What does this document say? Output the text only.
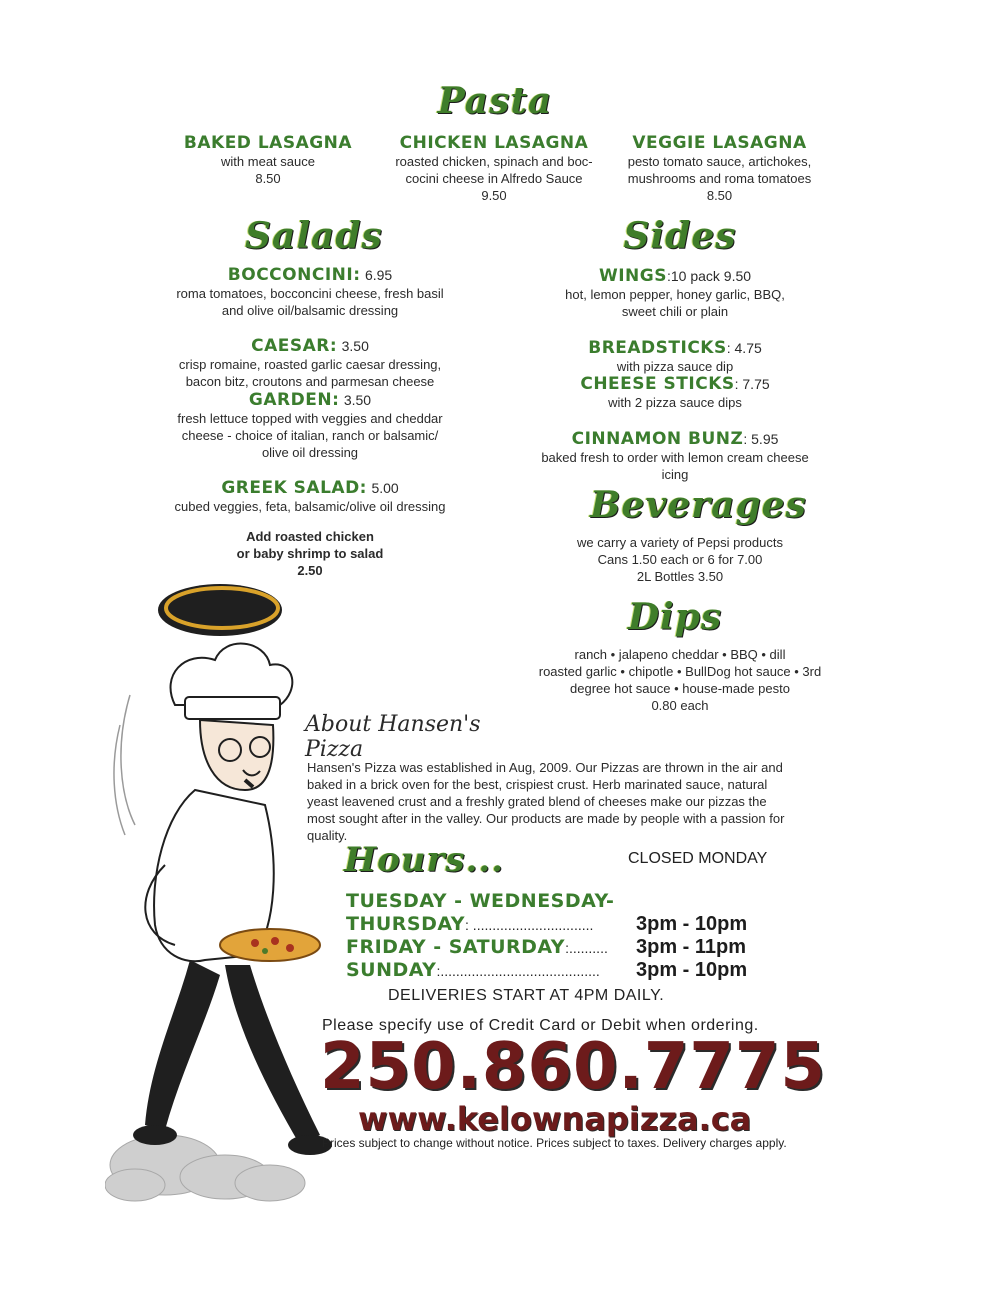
Pasta
BAKED LASAGNA
with meat sauce
8.50
CHICKEN LASAGNA
roasted chicken, spinach and boc-
cocini cheese in Alfredo Sauce
9.50
VEGGIE LASAGNA
pesto tomato sauce, artichokes,
mushrooms and roma tomatoes
8.50
Salads
BOCCONCINI: 6.95
roma tomatoes, bocconcini cheese, fresh basil
and olive oil/balsamic dressing
CAESAR: 3.50
crisp romaine, roasted garlic caesar dressing,
bacon bitz, croutons and parmesan cheese
GARDEN: 3.50
fresh lettuce topped with veggies and cheddar
cheese - choice of italian, ranch or balsamic/
olive oil dressing
GREEK SALAD: 5.00
cubed veggies, feta, balsamic/olive oil dressing
Add roasted chicken
or baby shrimp to salad
2.50
Sides
WINGS:10 pack 9.50
hot, lemon pepper, honey garlic, BBQ,
sweet chili or plain
BREADSTICKS: 4.75
with pizza sauce dip
CHEESE STICKS: 7.75
with 2 pizza sauce dips
CINNAMON BUNZ: 5.95
baked fresh to order with lemon cream cheese
icing
Beverages
we carry a variety of Pepsi products
Cans 1.50 each or 6 for 7.00
2L Bottles 3.50
Dips
ranch • jalapeno cheddar • BBQ • dill
roasted garlic • chipotle • BullDog hot sauce • 3rd
degree hot sauce • house-made pesto
0.80 each
About Hansen's Pizza
Hansen's Pizza was established in Aug, 2009. Our Pizzas are thrown in the air and
baked in a brick oven for the best, crispiest crust. Herb marinated sauce, natural
yeast leavened crust and a freshly grated blend of cheeses make our pizzas the
most sought after in the valley. Our products are made by people with a passion for
quality.
Hours...	CLOSED MONDAY
TUESDAY - WEDNESDAY-
THURSDAY: ............................... 3pm - 10pm
FRIDAY - SATURDAY:.......... 3pm - 11pm
SUNDAY:......................................... 3pm - 10pm
DELIVERIES START AT 4PM DAILY.
Please specify use of Credit Card or Debit when ordering.
250.860.7775
www.kelownapizza.ca
Prices subject to change without notice. Prices subject to taxes. Delivery charges apply.
